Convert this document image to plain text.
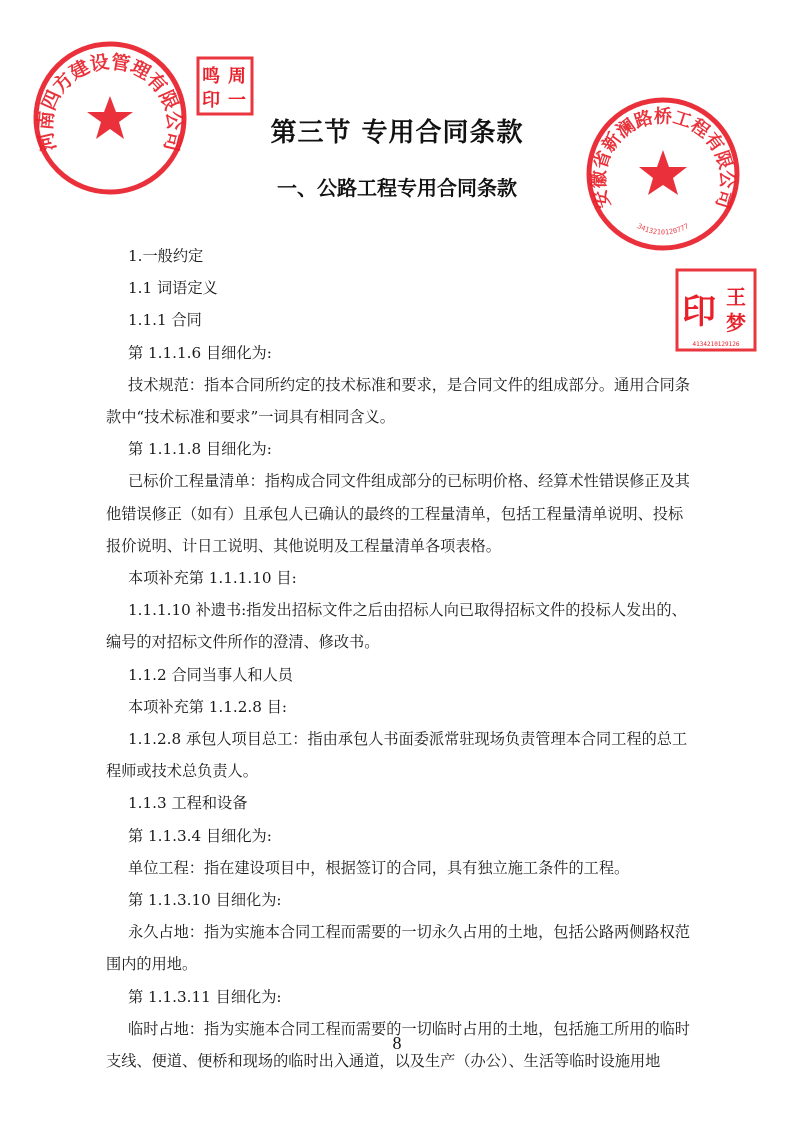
河南四方建设管理有限公司
鸣 周
印 一
安徽省新澜路桥工程有限公司
3413210120777
印 王
梦
4134210129126
第三节 专用合同条款
一、公路工程专用合同条款

1.一般约定

1.1 词语定义

1.1.1 合同

第 1.1.1.6 目细化为:

技术规范：指本合同所约定的技术标准和要求，是合同文件的组成部分。通用合同条款中“技术标准和要求”一词具有相同含义。

第 1.1.1.8 目细化为:

已标价工程量清单：指构成合同文件组成部分的已标明价格、经算术性错误修正及其他错误修正（如有）且承包人已确认的最终的工程量清单，包括工程量清单说明、投标报价说明、计日工说明、其他说明及工程量清单各项表格。

本项补充第 1.1.1.10 目:

1.1.1.10 补遗书:指发出招标文件之后由招标人向已取得招标文件的投标人发出的、编号的对招标文件所作的澄清、修改书。

1.1.2 合同当事人和人员

本项补充第 1.1.2.8 目:

1.1.2.8 承包人项目总工：指由承包人书面委派常驻现场负责管理本合同工程的总工程师或技术总负责人。

1.1.3 工程和设备

第 1.1.3.4 目细化为:

单位工程：指在建设项目中，根据签订的合同，具有独立施工条件的工程。

第 1.1.3.10 目细化为:

永久占地：指为实施本合同工程而需要的一切永久占用的土地，包括公路两侧路权范围内的用地。

第 1.1.3.11 目细化为:

临时占地：指为实施本合同工程而需要的一切临时占用的土地，包括施工所用的临时支线、便道、便桥和现场的临时出入通道，以及生产（办公）、生活等临时设施用地

8
